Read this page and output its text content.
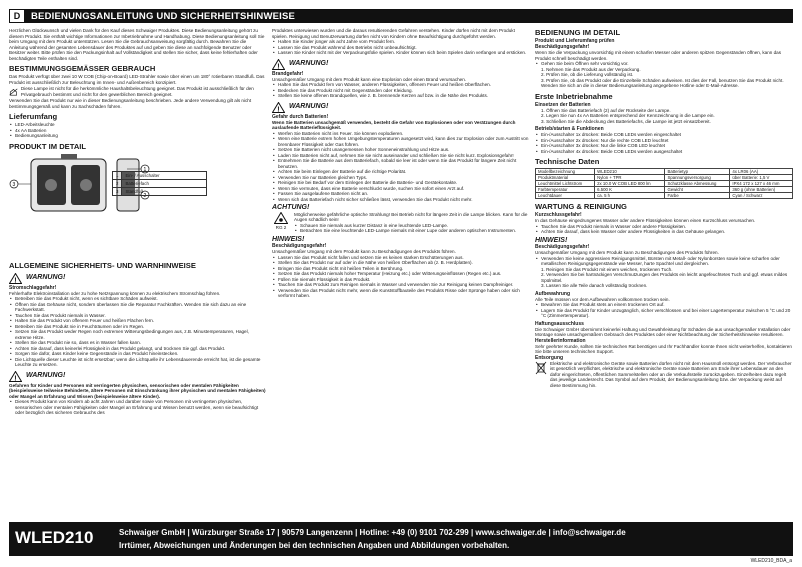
D	BEDIENUNGSANLEITUNG UND SICHERHEITSHINWEISE
Herzlichen Glückwunsch und vielen Dank für den Kauf dieses Schwaiger Produktes. Diese Bedienungsanleitung gehört zu diesem Produkt. Sie enthält wichtige Informationen zur Inbetriebnahme und Handhabung. Diese Bedienungsanleitung soll Sie beim Umgang mit dem Produkt unterstützen. Lesen Sie die Gebrauchsanweisung sorgfältig durch. Bewahren Sie die Anleitung während der gesamten Lebensdauer des Produktes auf und geben Sie diese an nachfolgende Benutzer oder Besitzer weiter. Bitte prüfen Sie den Packungsinhalt auf Vollständigkeit und stellen Sie sicher, dass keine fehlerhaften oder beschädigten Teile enthalten sind.
BESTIMMUNGSGEMÄSSER GEBRAUCH
Das Produkt verfügt über zwei 10 W COB (Chip-on-Board) LED-Strahler sowie über einen um 180° rotierbaren Standfuß. Das Produkt ist ausschließlich zur Beleuchtung im Innen- und Außenbereich konzipiert.
Diese Lampe ist nicht für die herkömmliche Haushaltsbeleuchtung geeignet. Das Produkt ist ausschließlich für den Privatgebrauch bestimmt und nicht für den gewerblichen Bereich geeignet.
Verwenden Sie das Produkt nur wie in dieser Bedienungsanleitung beschrieben. Jede andere Verwendung gilt als nicht bestimmungsgemäß und kann zu Sachschäden führen.
Lieferumfang
• LED-Arbeitsleuchte
• 4x AA Batterien
• Bedienungsanleitung
PRODUKT IM DETAIL
3
1
2
1	Ein- / Ausschalter
2	Batteriefach
3	Standfuß
ALLGEMEINE SICHERHEITS- UND WARNHINWEISE
! WARNUNG!
Stromschlaggefahr!
Fehlerhafte Elektroinstallation oder zu hohe Netzspannung können zu elektrischem Stromschlag führen.
• Betreiben Sie das Produkt nicht, wenn es sichtbare Schäden aufweist.
• Öffnen Sie das Gehäuse nicht, sondern überlassen Sie die Reparatur Fachkräften. Wenden Sie sich dazu an eine Fachwerkstatt.
• Tauchen Sie das Produkt niemals in Wasser.
• Halten Sie das Produkt von offenem Feuer und heißen Flächen fern.
• Betreiben Sie das Produkt nie in Feuchträumen oder im Regen.
• Setzen Sie das Produkt weder Regen noch extremen Witterungsbedingungen aus, z.B. Minustemperaturen, Hagel, extreme Hitze.
• Stellen Sie das Produkt nie so, dass es in Wasser fallen kann.
• Achten Sie darauf, dass keinerlei Flüssigkeit in das Produkt gelangt, und trocknen Sie ggf. das Produkt.
• Sorgen Sie dafür, dass Kinder keine Gegenstände in das Produkt hineinstecken.
• Die Lichtquelle dieser Leuchte ist nicht ersetzbar; wenn die Lichtquelle ihr Lebensdauerende erreicht hat, ist die gesamte Leuchte zu ersetzen.
! WARNUNG!
Gefahren für Kinder und Personen mit verringerten physischen, sensorischen oder mentalen Fähigkeiten (beispielsweise teilweise Behinderte, ältere Personen mit Einschränkung ihrer physischen und mentalen Fähigkeiten) oder Mangel an Erfahrung und Wissen (beispielsweise ältere Kinder).
• Dieses Produkt kann von Kindern ab acht Jahren und darüber sowie von Personen mit verringerten physischen, sensorischen oder mentalen Fähigkeiten oder Mangel an Erfahrung und Wissen benutzt werden, wenn sie beaufsichtigt oder bezüglich des sicheren Gebrauchs des
Produktes unterwiesen wurden und die daraus resultierenden Gefahren verstehen. Kinder dürfen nicht mit dem Produkt spielen. Reinigung und Benutzerwartung dürfen nicht von Kindern ohne Beaufsichtigung durchgeführt werden.
• Halten Sie Kinder jünger als acht Jahre vom Produkt fern.
• Lassen Sie das Produkt während des Betriebs nicht unbeaufsichtigt.
• Lassen Sie Kinder nicht mit der Verpackungsfolie spielen. Kinder können sich beim Spielen darin verfangen und ersticken.
! WARNUNG!
Brandgefahr!
Unsachgemäßer Umgang mit dem Produkt kann eine Explosion oder einen Brand verursachen.
• Halten Sie das Produkt fern von Wasser, anderen Flüssigkeiten, offenem Feuer und heißen Oberflächen.
• Bedecken Sie das Produkt nicht mit Gegenständen oder Kleidung.
• Stellen Sie keine offenen Brandquellen, wie z. B. brennende Kerzen auf bzw. in die Nähe des Produkts.
! WARNUNG!
Gefahr durch Batterien!
Wenn Sie Batterien unsachgemäß verwenden, besteht die Gefahr von Explosionen oder von Verätzungen durch auslaufende Batterieflüssigkeit.
• Werfen Sie Batterien nicht ins Feuer. Sie können explodieren.
• Wenn eine Batterie extrem hohen Umgebungstemperaturen ausgesetzt wird, kann dies zur Explosion oder zum Austritt von brennbarer Flüssigkeit oder Gas führen.
• Setzen Sie Batterien nicht unangemessen hoher Sonneneinstrahlung und Hitze aus.
• Laden Sie Batterien nicht auf, nehmen Sie sie nicht auseinander und schließen Sie sie nicht kurz. Explosionsgefahr!
• Entnehmen Sie die Batterie aus dem Batteriefach, sobald sie leer ist oder wenn Sie das Produkt für längere Zeit nicht benutzen.
• Achten Sie beim Einlegen der Batterie auf die richtige Polarität.
• Verwenden Sie nur Batterien gleichen Typs.
• Reinigen Sie bei Bedarf vor dem Einlegen der Batterie die Batterie- und Gerätekontakte.
• Wenn Sie vermuten, dass eine Batterie verschluckt wurde, suchen Sie sofort einen Arzt auf.
• Fassen Sie ausgelaufene Batterien nicht an.
• Wenn sich das Batteriefach nicht sicher schließen lässt, verwenden Sie das Produkt nicht mehr.
ACHTUNG!
RG 2
Möglicherweise gefährliche optische Strahlung! Bei Betrieb nicht für längere Zeit in die Lampe blicken. Kann für die Augen schädlich sein!
• Schauen Sie niemals aus kurzer Distanz in eine leuchtende LED-Lampe.
• Betrachten Sie eine leuchtende LED-Lampe niemals mit einer Lupe oder anderen optischen Instrumenten.
HINWEIS!
Beschädigungsgefahr!
Unsachgemäßer Umgang mit dem Produkt kann zu Beschädigungen des Produkts führen.
• Lassen Sie das Produkt nicht fallen und setzen Sie es keinen starken Erschütterungen aus.
• Stellen Sie das Produkt nur auf oder in die Nähe von heißen Oberflächen ab (z. B. Herdplatten).
• Bringen Sie das Produkt nicht mit heißen Teilen in Berührung.
• Setzen Sie das Produkt niemals hoher Temperatur (Heizung etc.) oder Witterungseinflüssen (Regen etc.) aus.
• Füllen Sie niemals Flüssigkeit in das Produkt.
• Tauchen Sie das Produkt zum Reinigen niemals in Wasser und verwenden Sie zur Reinigung keinen Dampfreiniger.
• Verwenden Sie das Produkt nicht mehr, wenn die Kunststoffbauteile des Produkts Risse oder Sprünge haben oder sich verformt haben.
BEDIENUNG IM DETAIL
Produkt und Lieferumfang prüfen
Beschädigungsgefahr!
Wenn Sie die Verpackung unvorsichtig mit einem scharfen Messer oder anderen spitzen Gegenständen öffnen, kann das Produkt schnell beschädigt werden.
• Gehen Sie beim Öffnen sehr vorsichtig vor.
1. Nehmen Sie das Produkt aus der Verpackung.
2. Prüfen Sie, ob die Lieferung vollständig ist.
3. Prüfen Sie, ob das Produkt oder die Einzelteile Schäden aufweisen. Ist dies der Fall, benutzen Sie das Produkt nicht. Wenden Sie sich an die in dieser Bedienungsanleitung angegebene Hotline oder E-Mail-Adresse.
Erste Inbetriebnahme
Einsetzen der Batterien
1. Öffnen Sie das Batteriefach (2) auf der Rückseite der Lampe.
2. Legen Sie nun 4x AA Batterien entsprechend der Kennzeichnung in die Lampe ein.
3. Schließen Sie die Abdeckung des Batteriefachs, die Lampe ist jetzt einsatzbereit.
Betrieb/starten & Funktionen
• Ein-/Ausschalter 1x drücken: Beide COB LEDs werden eingeschaltet
• Ein-/Ausschalter 2x drücken: Nur die rechte COB LED leuchtet
• Ein-/Ausschalter 3x drücken: Nur die linke COB LED leuchtet
• Ein-/Ausschalter 4x drücken: Beide COB LEDs werden ausgeschaltet
Technische Daten
Modellbezeichnung	WLED210	Batterietyp	4x LR06 (AA)
Produktmaterial	Nylon + TPR	Spannungsversorgung	über Batterie: 1,5 V
Leuchtmittel Lichtstrom	2x 10.0 W COB LED 800 lm	Schutzklasse Abmessung	IPX4 172 x 127 x 46 mm
Farbtemperatur	6.500 K	Gewicht	360 g (ohne Batterien)
Leuchtdauer	ca. 5 h	Farbe	Cyan / Schwarz
WARTUNG & REINIGUNG
Kurzschlussgefahr!
In das Gehäuse eingedrungenes Wasser oder andere Flüssigkeiten können einen Kurzschluss verursachen.
• Tauchen Sie das Produkt niemals in Wasser oder andere Flüssigkeiten.
• Achten Sie darauf, dass kein Wasser oder andere Flüssigkeiten in das Gehäuse gelangen.
HINWEIS!
Beschädigungsgefahr!
Unsachgemäßer Umgang mit dem Produkt kann zu Beschädigungen des Produkts führen.
• Verwenden Sie keine aggressiven Reinigungsmittel, Bürsten mit Metall- oder Nylonborsten sowie keine scharfen oder metallischen Reinigungsgegenstände wie Messer, harte Spachtel und dergleichen.
1. Reinigen Sie das Produkt mit einem weichen, trockenen Tuch.
2. Verwenden Sie bei hartnäckigen Verschmutzungen des Produkts ein leicht angefeuchtetes Tuch und ggf. etwas mildes Spülmittel.
3. Lassen Sie alle Teile danach vollständig trocknen.
Aufbewahrung
Alle Teile müssen vor dem Aufbewahren vollkommen trocken sein.
• Bewahren Sie das Produkt stets an einem trockenen Ort auf.
• Lagern Sie das Produkt für Kinder unzugänglich, sicher verschlossen und bei einer Lagertemperatur zwischen 5 °C und 20 °C (Zimmertemperatur).
Haftungsausschluss
Die Schwaiger GmbH übernimmt keinerlei Haftung und Gewährleistung für Schäden die aus unsachgemäßer Installation oder Montage sowie unsachgemäßem Gebrauch des Produktes oder einer Nichtbeachtung der Sicherheitshinweise resultieren.
Herstellerinformation
Sehr geehrter Kunde, sollten Sie technischen Rat benötigen und Ihr Fachhändler konnte Ihnen nicht weiterhelfen, kontaktieren Sie bitte unseren technischen Support.
Entsorgung
Elektrische und elektronische Geräte sowie Batterien dürfen nicht mit dem Hausmüll entsorgt werden. Der Verbraucher ist gesetzlich verpflichtet, elektrische und elektronische Geräte sowie Batterien am Ende ihrer Lebensdauer an den dafür eingerichteten, öffentlichen Sammelstellen oder an die Verkaufsstelle zurückzugeben. Einzelheiten dazu regelt das jeweilige Landesrecht. Das Symbol auf dem Produkt, der Bedienungsanleitung bzw. der Verpackung weist auf diese Bestimmung hin.
WLED210	Schwaiger GmbH | Würzburger Straße 17 | 90579 Langenzenn | Hotline: +49 (0) 9101 702-299 | www.schwaiger.de | info@schwaiger.de
Irrtümer, Abweichungen und Änderungen bei den technischen Angaben und Abbildungen vorbehalten.
WLED210_BDA_a
